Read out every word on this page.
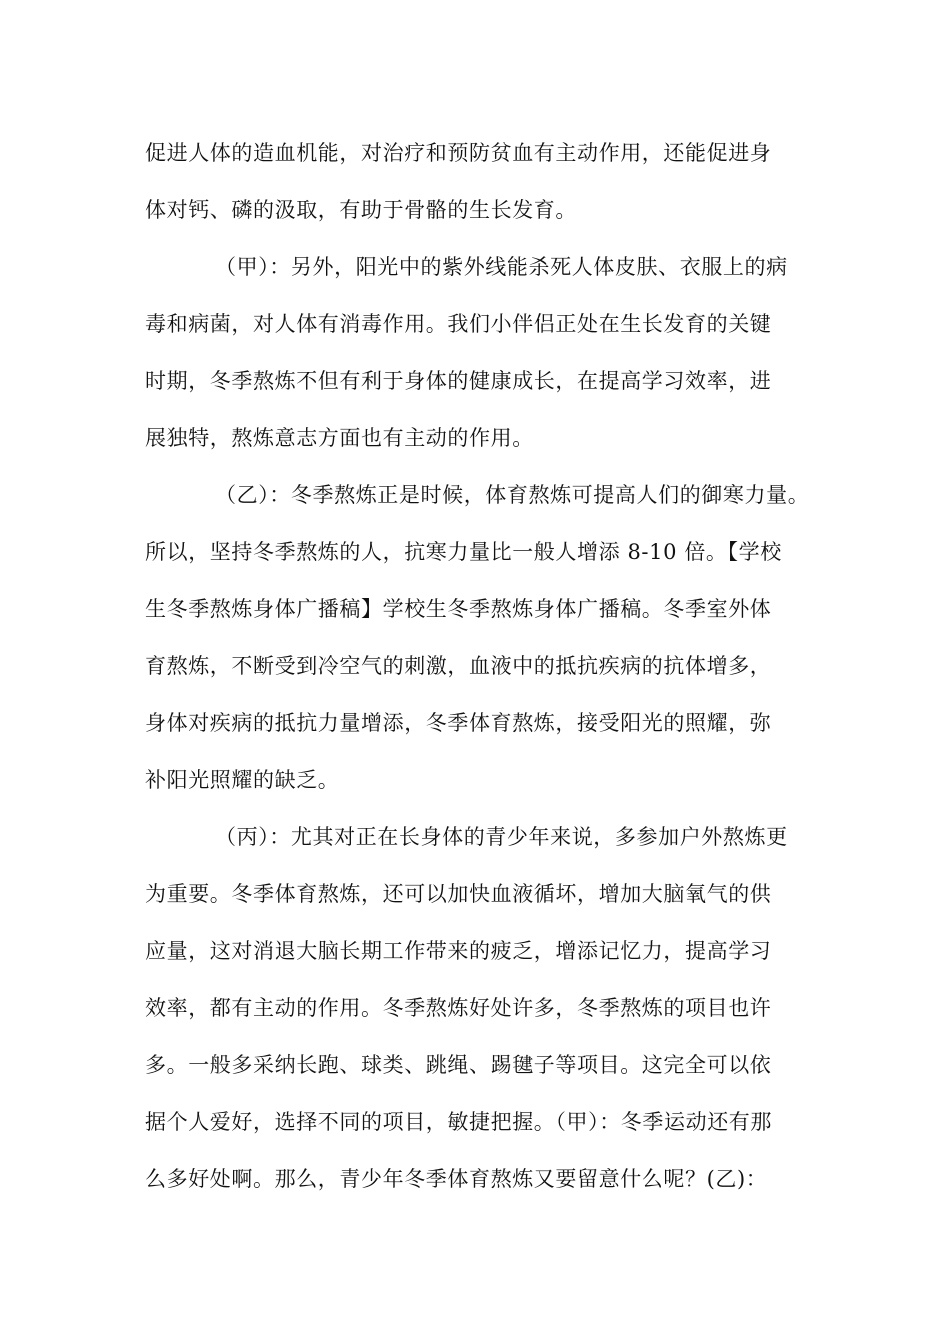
促进人体的造血机能，对治疗和预防贫血有主动作用，还能促进身
体对钙、磷的汲取，有助于骨骼的生长发育。
（甲）：另外，阳光中的紫外线能杀死人体皮肤、衣服上的病
毒和病菌，对人体有消毒作用。我们小伴侣正处在生长发育的关键
时期，冬季熬炼不但有利于身体的健康成长，在提高学习效率，进
展独特，熬炼意志方面也有主动的作用。
（乙）：冬季熬炼正是时候，体育熬炼可提高人们的御寒力量。
所以，坚持冬季熬炼的人，抗寒力量比一般人增添 8-10 倍。【学校
生冬季熬炼身体广播稿】学校生冬季熬炼身体广播稿。冬季室外体
育熬炼，不断受到冷空气的刺激，血液中的抵抗疾病的抗体增多，
身体对疾病的抵抗力量增添，冬季体育熬炼，接受阳光的照耀，弥
补阳光照耀的缺乏。
（丙）：尤其对正在长身体的青少年来说，多参加户外熬炼更
为重要。冬季体育熬炼，还可以加快血液循坏，增加大脑氧气的供
应量，这对消退大脑长期工作带来的疲乏，增添记忆力，提高学习
效率，都有主动的作用。冬季熬炼好处许多，冬季熬炼的项目也许
多。一般多采纳长跑、球类、跳绳、踢毽子等项目。这完全可以依
据个人爱好，选择不同的项目，敏捷把握。（甲）：冬季运动还有那
么多好处啊。那么，青少年冬季体育熬炼又要留意什么呢？(乙)：
